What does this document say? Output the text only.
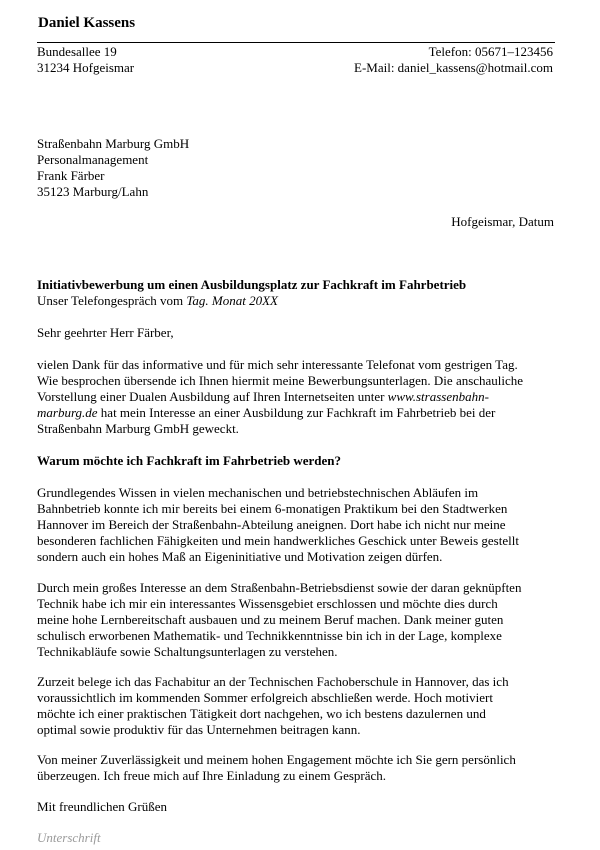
Daniel Kassens
Bundesallee 19
31234 Hofgeismar
Telefon: 05671–123456
E-Mail: daniel_kassens@hotmail.com
Straßenbahn Marburg GmbH
Personalmanagement
Frank Färber
35123 Marburg/Lahn
Hofgeismar, Datum
Initiativbewerbung um einen Ausbildungsplatz zur Fachkraft im Fahrbetrieb
Unser Telefongespräch vom Tag. Monat 20XX
Sehr geehrter Herr Färber,
vielen Dank für das informative und für mich sehr interessante Telefonat vom gestrigen Tag.
Wie besprochen übersende ich Ihnen hiermit meine Bewerbungsunterlagen. Die anschauliche
Vorstellung einer Dualen Ausbildung auf Ihren Internetseiten unter www.strassenbahn-
marburg.de hat mein Interesse an einer Ausbildung zur Fachkraft im Fahrbetrieb bei der
Straßenbahn Marburg GmbH geweckt.
Warum möchte ich Fachkraft im Fahrbetrieb werden?
Grundlegendes Wissen in vielen mechanischen und betriebstechnischen Abläufen im
Bahnbetrieb konnte ich mir bereits bei einem 6-monatigen Praktikum bei den Stadtwerken
Hannover im Bereich der Straßenbahn-Abteilung aneignen. Dort habe ich nicht nur meine
besonderen fachlichen Fähigkeiten und mein handwerkliches Geschick unter Beweis gestellt
sondern auch ein hohes Maß an Eigeninitiative und Motivation zeigen dürfen.
Durch mein großes Interesse an dem Straßenbahn-Betriebsdienst sowie der daran geknüpften
Technik habe ich mir ein interessantes Wissensgebiet erschlossen und möchte dies durch
meine hohe Lernbereitschaft ausbauen und zu meinem Beruf machen. Dank meiner guten
schulisch erworbenen Mathematik- und Technikkenntnisse bin ich in der Lage, komplexe
Technikabläufe sowie Schaltungsunterlagen zu verstehen.
Zurzeit belege ich das Fachabitur an der Technischen Fachoberschule in Hannover, das ich
voraussichtlich im kommenden Sommer erfolgreich abschließen werde. Hoch motiviert
möchte ich einer praktischen Tätigkeit dort nachgehen, wo ich bestens dazulernen und
optimal sowie produktiv für das Unternehmen beitragen kann.
Von meiner Zuverlässigkeit und meinem hohen Engagement möchte ich Sie gern persönlich
überzeugen. Ich freue mich auf Ihre Einladung zu einem Gespräch.
Mit freundlichen Grüßen
Unterschrift
